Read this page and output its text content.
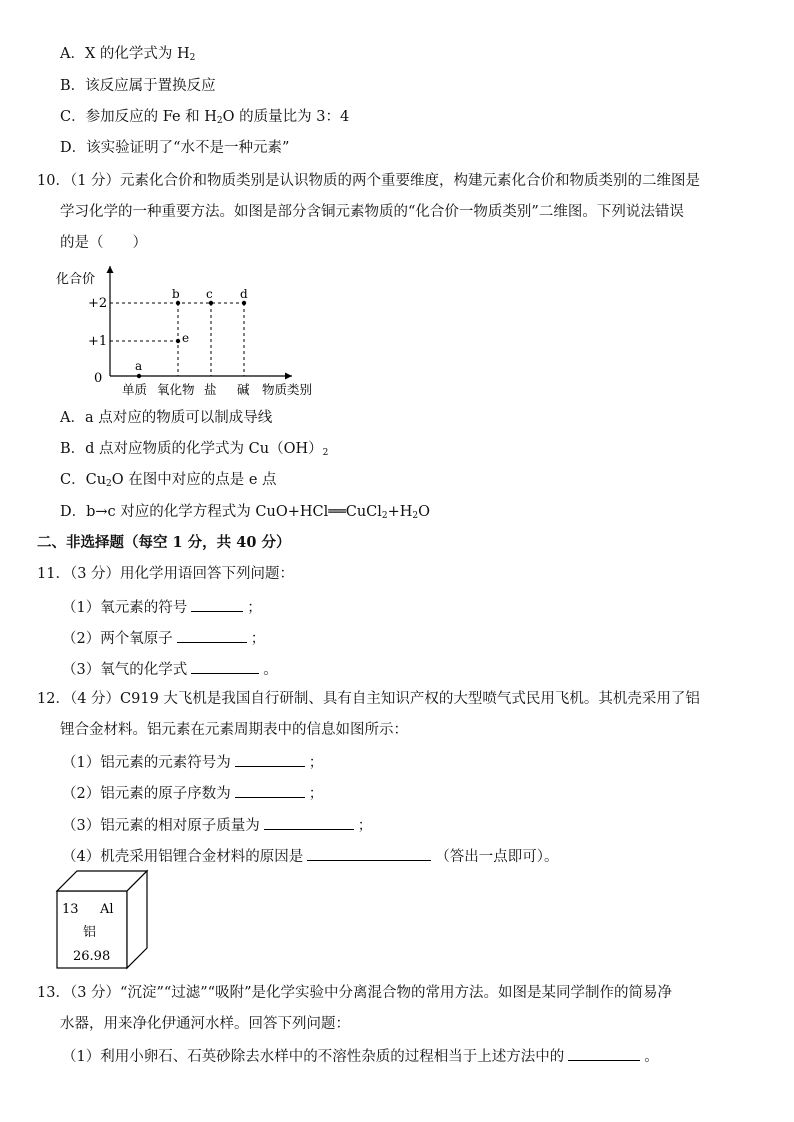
A．X 的化学式为 $H_2$
B．该反应属于置换反应
C．参加反应的 Fe 和 $H_2O$ 的质量比为 3：4
D．该实验证明了“水不是一种元素”
10．（1 分）元素化合价和物质类别是认识物质的两个重要维度，构建元素化合价和物质类别的二维图是
学习化学的一种重要方法。如图是部分含铜元素物质的“化合价一物质类别”二维图。下列说法错误
的是（　　）
化合价
+2
+1
0
a
b c d
e
单质 氧化物 盐 碱 物质类别
A．a 点对应的物质可以制成导线
B．d 点对应物质的化学式为 $Cu(OH)_2$
C．$Cu_2O$ 在图中对应的点是 e 点
D．b→c 对应的化学方程式为 $CuO+HCl══CuCl_2+H_2O$
二、非选择题（每空 1 分，共 40 分）
11．（3 分）用化学用语回答下列问题：
（1）氧元素的符号	；
（2）两个氧原子	；
（3）氧气的化学式	。
12．（4 分）C919 大飞机是我国自行研制、具有自主知识产权的大型喷气式民用飞机。其机壳采用了铝
锂合金材料。铝元素在元素周期表中的信息如图所示：
（1）铝元素的元素符号为	；
（2）铝元素的原子序数为	；
（3）铝元素的相对原子质量为	；
（4）机壳采用铝锂合金材料的原因是	（答出一点即可）。
13 Al
铝
26.98
13．（3 分）“沉淀”“过滤”“吸附”是化学实验中分离混合物的常用方法。如图是某同学制作的简易净
水器，用来净化伊通河水样。回答下列问题：
（1）利用小卵石、石英砂除去水样中的不溶性杂质的过程相当于上述方法中的	。
